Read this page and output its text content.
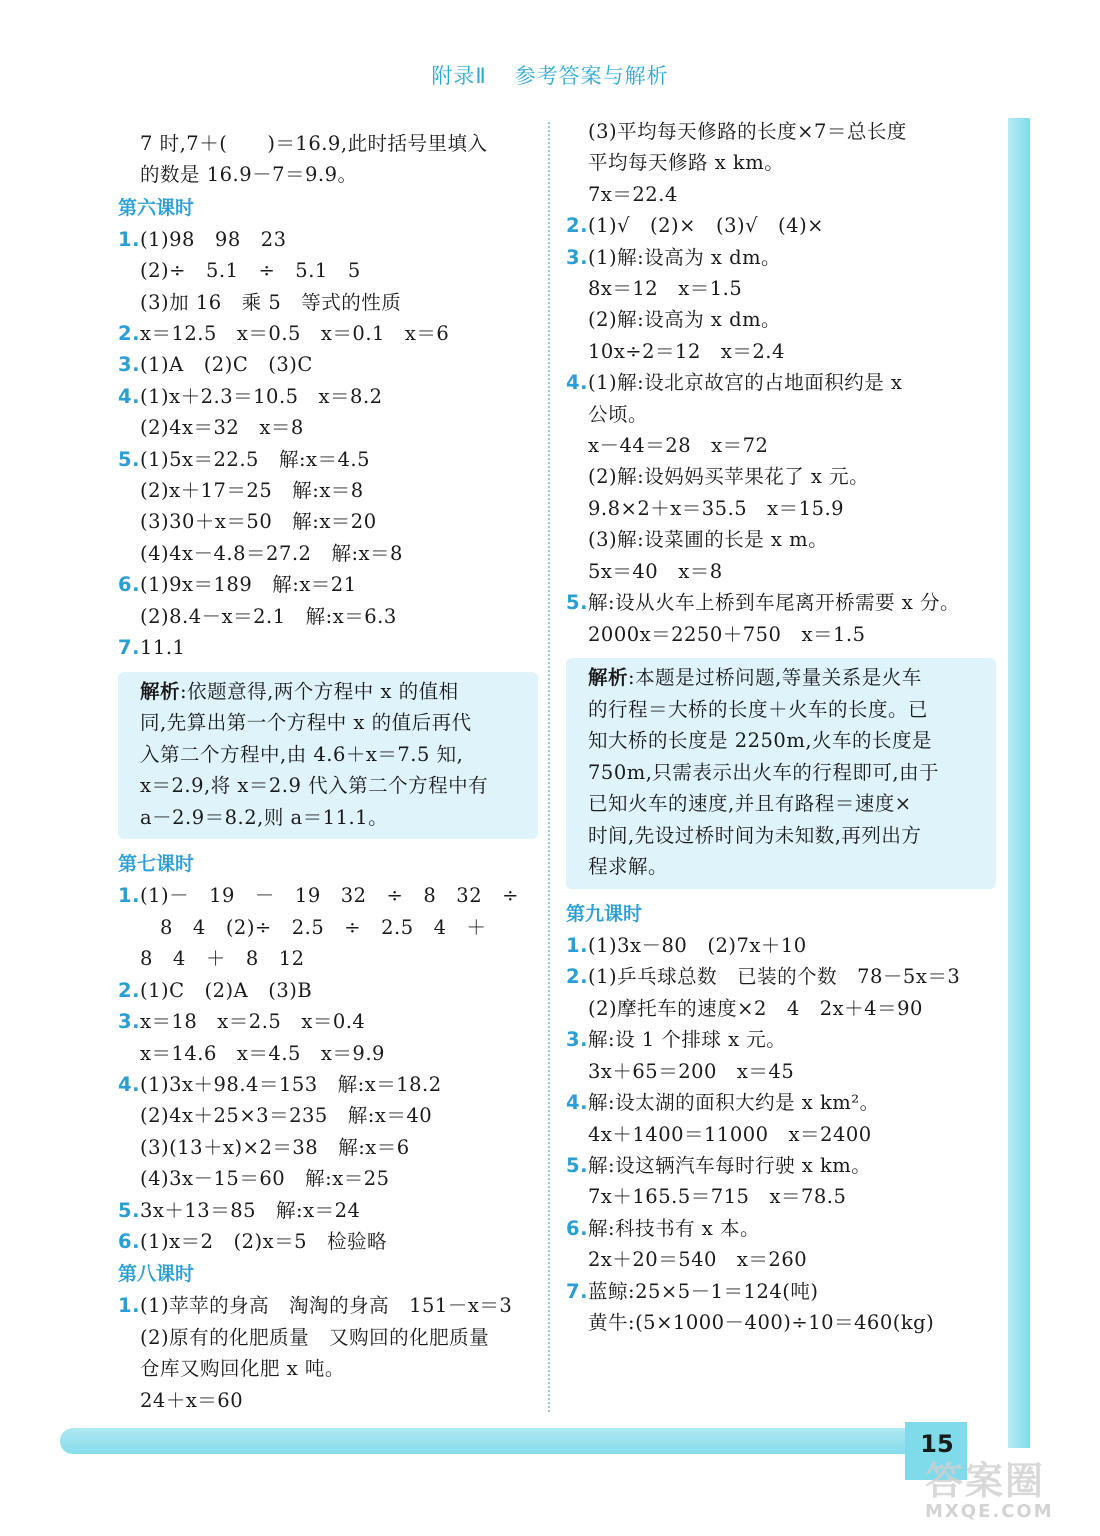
附录Ⅱ 参考答案与解析
15
答案圈
MXQE.COM
7 时,7＋(　　)＝16.9,此时括号里填入
的数是 16.9－7＝9.9。
第六课时
1.(1)98　98　23
(2)÷　5.1　÷　5.1　5
(3)加 16　乘 5　等式的性质
2.x＝12.5　x＝0.5　x＝0.1　x＝6
3.(1)A　(2)C　(3)C
4.(1)x＋2.3＝10.5　x＝8.2
(2)4x＝32　x＝8
5.(1)5x＝22.5　解:x＝4.5
(2)x＋17＝25　解:x＝8
(3)30＋x＝50　解:x＝20
(4)4x－4.8＝27.2　解:x＝8
6.(1)9x＝189　解:x＝21
(2)8.4－x＝2.1　解:x＝6.3
7.11.1
解析:依题意得,两个方程中 x 的值相
同,先算出第一个方程中 x 的值后再代
入第二个方程中,由 4.6＋x＝7.5 知,
x＝2.9,将 x＝2.9 代入第二个方程中有
a－2.9＝8.2,则 a＝11.1。
第七课时
1.(1)－　19　－　19　32　÷　8　32　÷
　8　4　(2)÷　2.5　÷　2.5　4　＋
8　4　＋　8　12
2.(1)C　(2)A　(3)B
3.x＝18　x＝2.5　x＝0.4
x＝14.6　x＝4.5　x＝9.9
4.(1)3x＋98.4＝153　解:x＝18.2
(2)4x＋25×3＝235　解:x＝40
(3)(13＋x)×2＝38　解:x＝6
(4)3x－15＝60　解:x＝25
5.3x＋13＝85　解:x＝24
6.(1)x＝2　(2)x＝5　检验略
第八课时
1.(1)苹苹的身高　淘淘的身高　151－x＝3
(2)原有的化肥质量　又购回的化肥质量
仓库又购回化肥 x 吨。
24＋x＝60
(3)平均每天修路的长度×7＝总长度
平均每天修路 x km。
7x＝22.4
2.(1)√　(2)×　(3)√　(4)×
3.(1)解:设高为 x dm。
8x＝12　x＝1.5
(2)解:设高为 x dm。
10x÷2＝12　x＝2.4
4.(1)解:设北京故宫的占地面积约是 x
公顷。
x－44＝28　x＝72
(2)解:设妈妈买苹果花了 x 元。
9.8×2＋x＝35.5　x＝15.9
(3)解:设菜圃的长是 x m。
5x＝40　x＝8
5.解:设从火车上桥到车尾离开桥需要 x 分。
2000x＝2250＋750　x＝1.5
解析:本题是过桥问题,等量关系是火车
的行程＝大桥的长度＋火车的长度。已
知大桥的长度是 2250m,火车的长度是
750m,只需表示出火车的行程即可,由于
已知火车的速度,并且有路程＝速度×
时间,先设过桥时间为未知数,再列出方
程求解。
第九课时
1.(1)3x－80　(2)7x＋10
2.(1)乒乓球总数　已装的个数　78－5x＝3
(2)摩托车的速度×2　4　2x＋4＝90
3.解:设 1 个排球 x 元。
3x＋65＝200　x＝45
4.解:设太湖的面积大约是 x km²。
4x＋1400＝11000　x＝2400
5.解:设这辆汽车每时行驶 x km。
7x＋165.5＝715　x＝78.5
6.解:科技书有 x 本。
2x＋20＝540　x＝260
7.蓝鲸:25×5－1＝124(吨)
黄牛:(5×1000－400)÷10＝460(kg)
